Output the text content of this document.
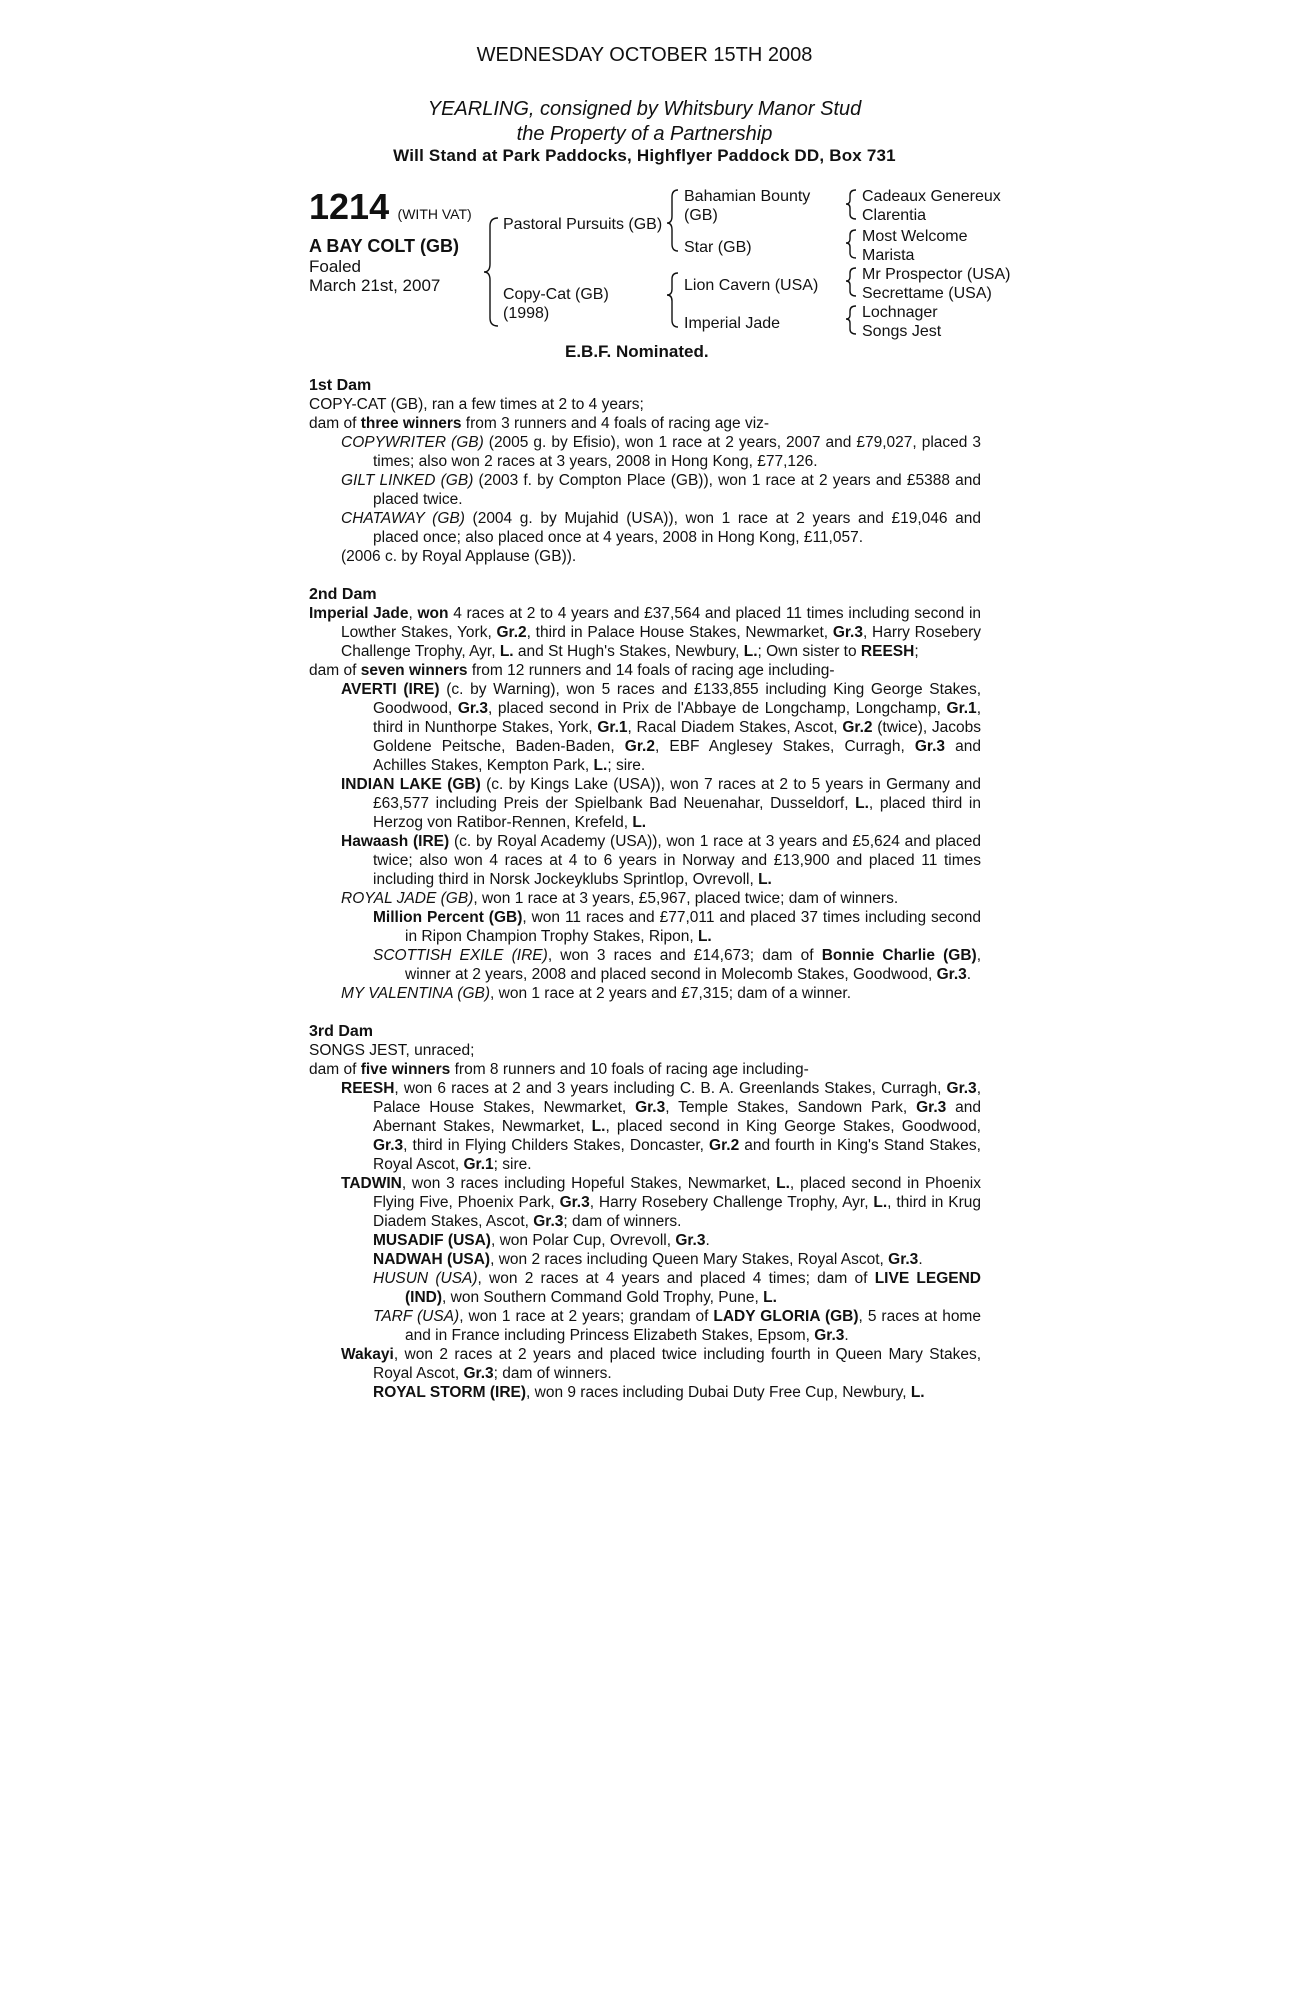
WEDNESDAY OCTOBER 15TH 2008
YEARLING, consigned by Whitsbury Manor Stud
the Property of a Partnership
Will Stand at Park Paddocks, Highflyer Paddock DD, Box 731
1214 (WITH VAT)
A BAY COLT (GB)
Foaled
March 21st, 2007
Pastoral Pursuits (GB)
Copy-Cat (GB)
(1998)
Bahamian Bounty
(GB)
Star (GB)
Lion Cavern (USA)
Imperial Jade
Cadeaux Genereux
Clarentia
Most Welcome
Marista
Mr Prospector (USA)
Secrettame (USA)
Lochnager
Songs Jest
E.B.F. Nominated.

1st Dam

COPY-CAT (GB), ran a few times at 2 to 4 years;

dam of three winners from 3 runners and 4 foals of racing age viz-

COPYWRITER (GB) (2005 g. by Efisio), won 1 race at 2 years, 2007 and £79,027, placed 3 times; also won 2 races at 3 years, 2008 in Hong Kong, £77,126.

GILT LINKED (GB) (2003 f. by Compton Place (GB)), won 1 race at 2 years and £5388 and placed twice.

CHATAWAY (GB) (2004 g. by Mujahid (USA)), won 1 race at 2 years and £19,046 and placed once; also placed once at 4 years, 2008 in Hong Kong, £11,057.

(2006 c. by Royal Applause (GB)).

2nd Dam

Imperial Jade, won 4 races at 2 to 4 years and £37,564 and placed 11 times including second in Lowther Stakes, York, Gr.2, third in Palace House Stakes, Newmarket, Gr.3, Harry Rosebery Challenge Trophy, Ayr, L. and St Hugh's Stakes, Newbury, L.; Own sister to REESH;

dam of seven winners from 12 runners and 14 foals of racing age including-

AVERTI (IRE) (c. by Warning), won 5 races and £133,855 including King George Stakes, Goodwood, Gr.3, placed second in Prix de l'Abbaye de Longchamp, Longchamp, Gr.1, third in Nunthorpe Stakes, York, Gr.1, Racal Diadem Stakes, Ascot, Gr.2 (twice), Jacobs Goldene Peitsche, Baden-Baden, Gr.2, EBF Anglesey Stakes, Curragh, Gr.3 and Achilles Stakes, Kempton Park, L.; sire.

INDIAN LAKE (GB) (c. by Kings Lake (USA)), won 7 races at 2 to 5 years in Germany and £63,577 including Preis der Spielbank Bad Neuenahar, Dusseldorf, L., placed third in Herzog von Ratibor-Rennen, Krefeld, L.

Hawaash (IRE) (c. by Royal Academy (USA)), won 1 race at 3 years and £5,624 and placed twice; also won 4 races at 4 to 6 years in Norway and £13,900 and placed 11 times including third in Norsk Jockeyklubs Sprintlop, Ovrevoll, L.

ROYAL JADE (GB), won 1 race at 3 years, £5,967, placed twice; dam of winners.

Million Percent (GB), won 11 races and £77,011 and placed 37 times including second in Ripon Champion Trophy Stakes, Ripon, L.

SCOTTISH EXILE (IRE), won 3 races and £14,673; dam of Bonnie Charlie (GB), winner at 2 years, 2008 and placed second in Molecomb Stakes, Goodwood, Gr.3.

MY VALENTINA (GB), won 1 race at 2 years and £7,315; dam of a winner.

3rd Dam

SONGS JEST, unraced;

dam of five winners from 8 runners and 10 foals of racing age including-

REESH, won 6 races at 2 and 3 years including C. B. A. Greenlands Stakes, Curragh, Gr.3, Palace House Stakes, Newmarket, Gr.3, Temple Stakes, Sandown Park, Gr.3 and Abernant Stakes, Newmarket, L., placed second in King George Stakes, Goodwood, Gr.3, third in Flying Childers Stakes, Doncaster, Gr.2 and fourth in King's Stand Stakes, Royal Ascot, Gr.1; sire.

TADWIN, won 3 races including Hopeful Stakes, Newmarket, L., placed second in Phoenix Flying Five, Phoenix Park, Gr.3, Harry Rosebery Challenge Trophy, Ayr, L., third in Krug Diadem Stakes, Ascot, Gr.3; dam of winners.

MUSADIF (USA), won Polar Cup, Ovrevoll, Gr.3.

NADWAH (USA), won 2 races including Queen Mary Stakes, Royal Ascot, Gr.3.

HUSUN (USA), won 2 races at 4 years and placed 4 times; dam of LIVE LEGEND (IND), won Southern Command Gold Trophy, Pune, L.

TARF (USA), won 1 race at 2 years; grandam of LADY GLORIA (GB), 5 races at home and in France including Princess Elizabeth Stakes, Epsom, Gr.3.

Wakayi, won 2 races at 2 years and placed twice including fourth in Queen Mary Stakes, Royal Ascot, Gr.3; dam of winners.

ROYAL STORM (IRE), won 9 races including Dubai Duty Free Cup, Newbury, L.
